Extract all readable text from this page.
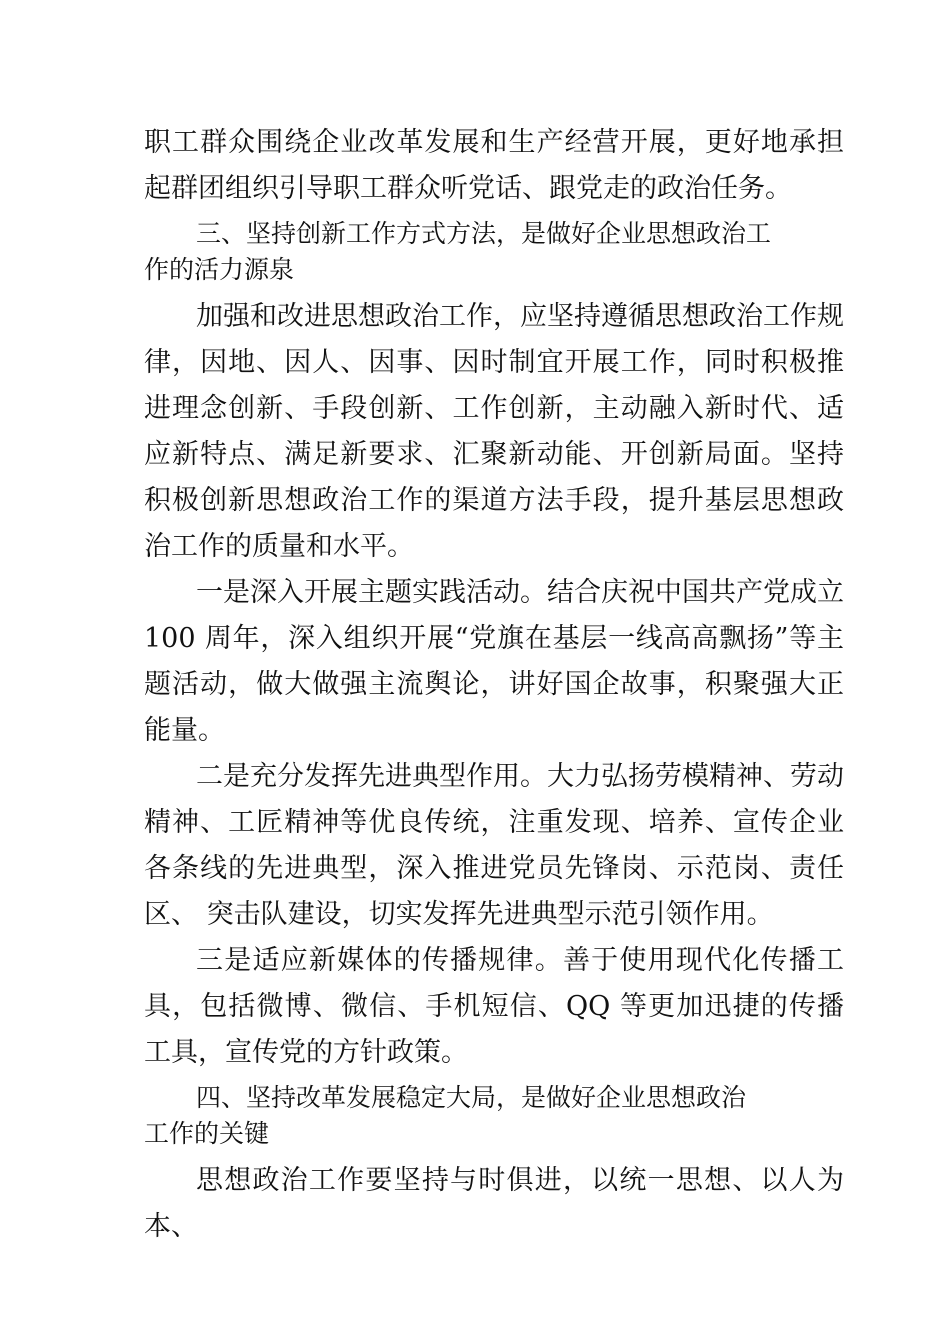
职工群众围绕企业改革发展和生产经营开展，更好地承担起群团组织引导职工群众听党话、跟党走的政治任务。

三、坚持创新工作方式方法，是做好企业思想政治工
作的活力源泉

加强和改进思想政治工作，应坚持遵循思想政治工作规律，因地、因人、因事、因时制宜开展工作，同时积极推进理念创新、手段创新、工作创新，主动融入新时代、适应新特点、满足新要求、汇聚新动能、开创新局面。坚持积极创新思想政治工作的渠道方法手段，提升基层思想政治工作的质量和水平。

一是深入开展主题实践活动。结合庆祝中国共产党成立 100 周年，深入组织开展“党旗在基层一线高高飘扬”等主题活动，做大做强主流舆论，讲好国企故事，积聚强大正能量。

二是充分发挥先进典型作用。大力弘扬劳模精神、劳动精神、工匠精神等优良传统，注重发现、培养、宣传企业各条线的先进典型，深入推进党员先锋岗、示范岗、责任区、 突击队建设，切实发挥先进典型示范引领作用。

三是适应新媒体的传播规律。善于使用现代化传播工具，包括微博、微信、手机短信、QQ 等更加迅捷的传播工具，宣传党的方针政策。

四、坚持改革发展稳定大局，是做好企业思想政治
工作的关键

思想政治工作要坚持与时俱进，以统一思想、以人为本、
